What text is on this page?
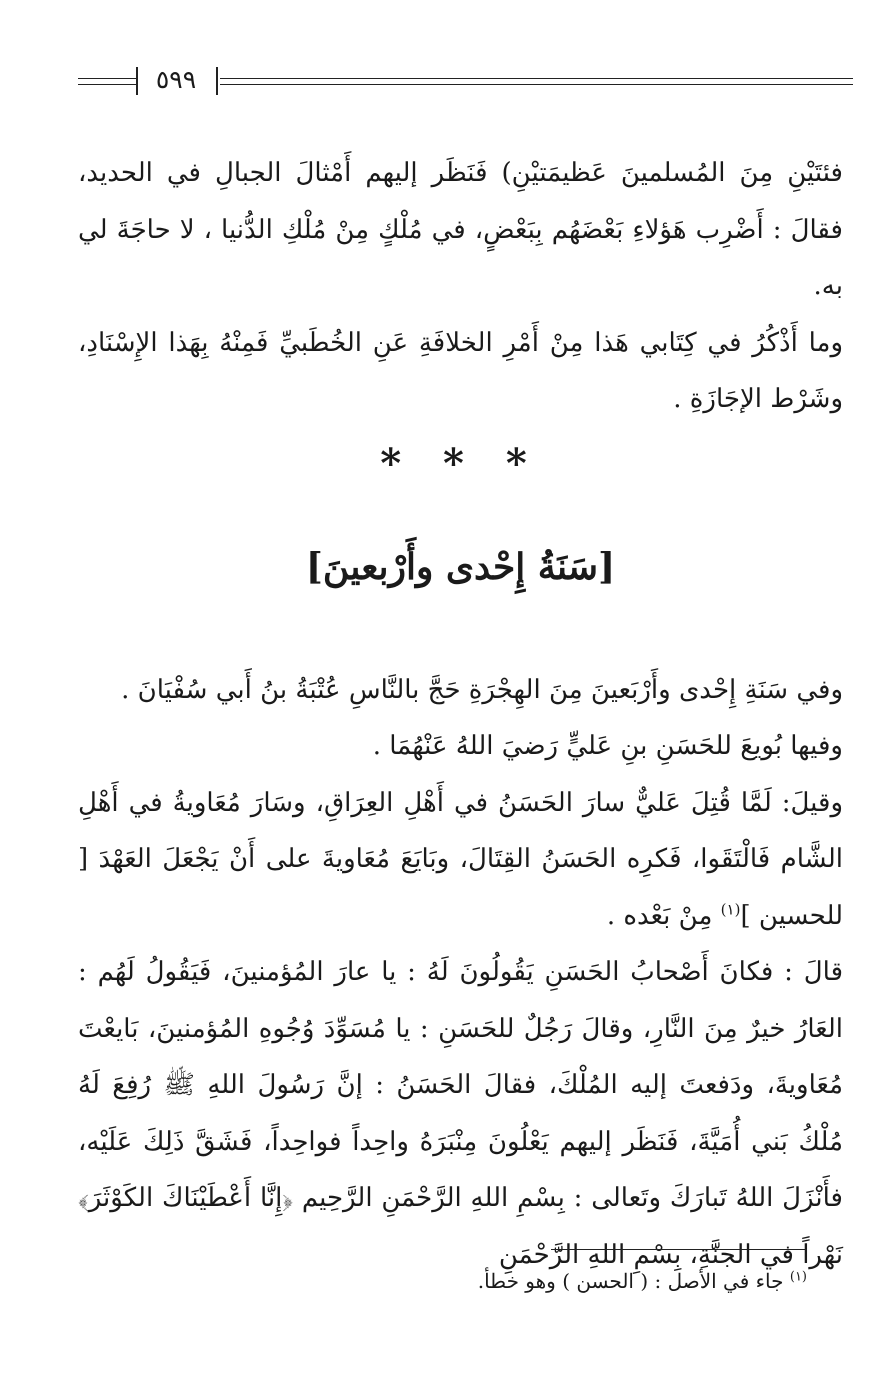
٥٩٩

فئتَيْنِ مِنَ المُسلمينَ عَظيمَتيْنِ) فَنَظَر إليهم أَمْثالَ الجبالِ في الحديد، فقالَ : أَضْرِب هَؤلاءِ بَعْضَهُم بِبَعْضٍ، في مُلْكٍ مِنْ مُلْكِ الدُّنيا ، لا حاجَةَ لي به.

وما أَذْكُرُ في كِتَابي هَذا مِنْ أَمْرِ الخلافَةِ عَنِ الخُطَبيِّ فَمِنْهُ بِهَذا الإِسْنَادِ، وشَرْط الإجَازَةِ .

* * *
[سَنَةُ إِحْدى وأَرْبعينَ]

وفي سَنَةِ إِحْدى وأَرْبَعينَ مِنَ الهِجْرَةِ حَجَّ بالنَّاسِ عُتْبَةُ بنُ أَبي سُفْيَانَ .

وفيها بُويعَ للحَسَنِ بنِ عَليٍّ رَضيَ اللهُ عَنْهُمَا .

وقيلَ: لَمَّا قُتِلَ عَليٌّ سارَ الحَسَنُ في أَهْلِ العِرَاقِ، وسَارَ مُعَاويةُ في أَهْلِ الشَّام فَالْتَقَوا، فَكرِه الحَسَنُ القِتَالَ، وبَايَعَ مُعَاويةَ على أَنْ يَجْعَلَ العَهْدَ [ للحسين ]$^{(١)}$ مِنْ بَعْده .

قالَ : فكانَ أَصْحابُ الحَسَنِ يَقُولُونَ لَهُ : يا عارَ المُؤمنينَ، فَيَقُولُ لَهُم : العَارُ خيرٌ مِنَ النَّارِ، وقالَ رَجُلٌ للحَسَنِ : يا مُسَوِّدَ وُجُوهِ المُؤمنينَ، بَايعْتَ مُعَاويةَ، ودَفعتَ إليه المُلْكَ، فقالَ الحَسَنُ : إنَّ رَسُولَ اللهِ ﷺ رُفِعَ لَهُ مُلْكُ بَني أُمَيَّةَ، فَنَظَر إليهم يَعْلُونَ مِنْبَرَهُ واحِداً فواحِداً، فَشَقَّ ذَلِكَ عَلَيْه، فأَنْزَلَ اللهُ تَبارَكَ وتَعالى : بِسْمِ اللهِ الرَّحْمَنِ الرَّحِيم ﴿إِنَّا أَعْطَيْنَاكَ الكَوْثَرَ﴾ نَهْراً في الجنَّةِ، بِسْمِ اللهِ الرَّحْمَنِ

$^{(١)}$ جاء في الأصل : ( الحسن ) وهو خطأ.
